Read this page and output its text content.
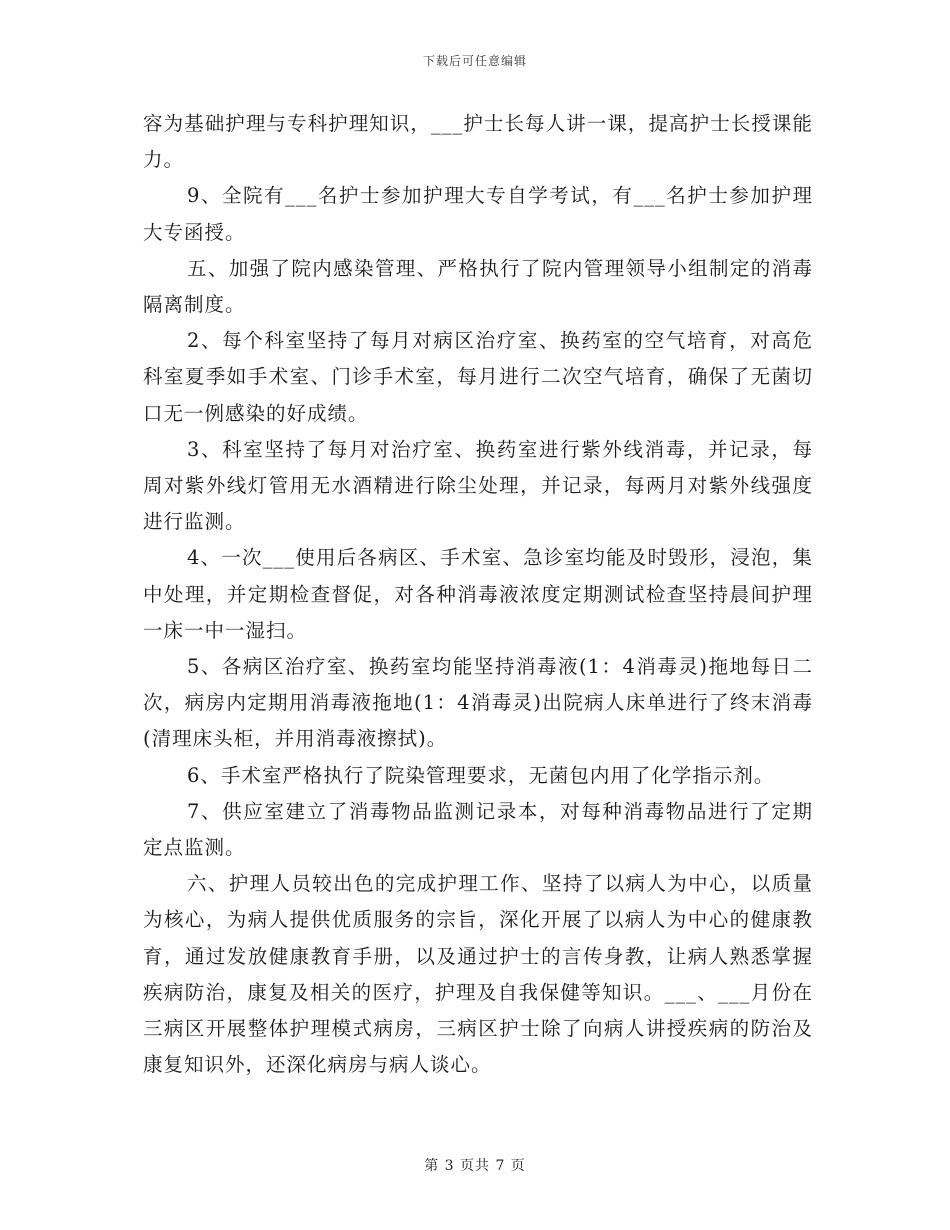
下载后可任意编辑

容为基础护理与专科护理知识，___护士长每人讲一课，提高护士长授课能力。

9、全院有___名护士参加护理大专自学考试，有___名护士参加护理大专函授。

五、加强了院内感染管理、严格执行了院内管理领导小组制定的消毒隔离制度。

2、每个科室坚持了每月对病区治疗室、换药室的空气培育，对高危科室夏季如手术室、门诊手术室，每月进行二次空气培育，确保了无菌切口无一例感染的好成绩。

3、科室坚持了每月对治疗室、换药室进行紫外线消毒，并记录，每周对紫外线灯管用无水酒精进行除尘处理，并记录，每两月对紫外线强度进行监测。

4、一次___使用后各病区、手术室、急诊室均能及时毁形，浸泡，集中处理，并定期检查督促，对各种消毒液浓度定期测试检查坚持晨间护理一床一中一湿扫。

5、各病区治疗室、换药室均能坚持消毒液(1：4消毒灵)拖地每日二次，病房内定期用消毒液拖地(1：4消毒灵)出院病人床单进行了终末消毒(清理床头柜，并用消毒液擦拭)。

6、手术室严格执行了院染管理要求，无菌包内用了化学指示剂。

7、供应室建立了消毒物品监测记录本，对每种消毒物品进行了定期定点监测。

六、护理人员较出色的完成护理工作、坚持了以病人为中心，以质量为核心，为病人提供优质服务的宗旨，深化开展了以病人为中心的健康教育，通过发放健康教育手册，以及通过护士的言传身教，让病人熟悉掌握疾病防治，康复及相关的医疗，护理及自我保健等知识。___、___月份在三病区开展整体护理模式病房，三病区护士除了向病人讲授疾病的防治及康复知识外，还深化病房与病人谈心。

第 3 页共 7 页
